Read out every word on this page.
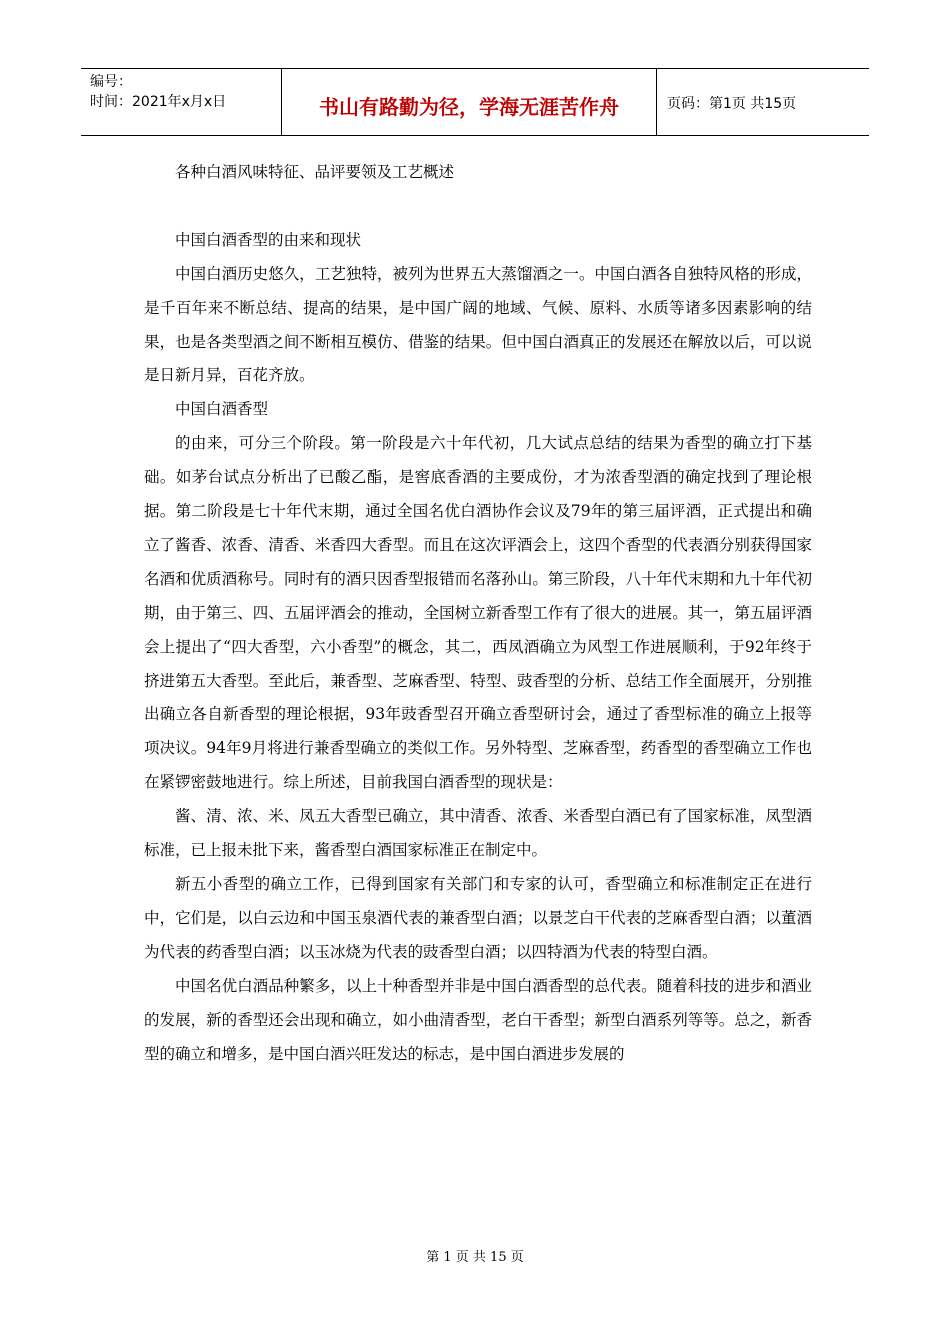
编号：
时间：2021年x月x日	书山有路勤为径，学海无涯苦作舟	页码：第1页 共15页

各种白酒风味特征、品评要领及工艺概述

中国白酒香型的由来和现状

中国白酒历史悠久，工艺独特，被列为世界五大蒸馏酒之一。中国白酒各自独特风格的形成，是千百年来不断总结、提高的结果，是中国广阔的地域、气候、原料、水质等诸多因素影响的结果，也是各类型酒之间不断相互模仿、借鉴的结果。但中国白酒真正的发展还在解放以后，可以说是日新月异，百花齐放。

中国白酒香型

的由来，可分三个阶段。第一阶段是六十年代初，几大试点总结的结果为香型的确立打下基础。如茅台试点分析出了已酸乙酯，是窖底香酒的主要成份，才为浓香型酒的确定找到了理论根据。第二阶段是七十年代末期，通过全国名优白酒协作会议及79年的第三届评酒，正式提出和确立了酱香、浓香、清香、米香四大香型。而且在这次评酒会上，这四个香型的代表酒分别获得国家名酒和优质酒称号。同时有的酒只因香型报错而名落孙山。第三阶段，八十年代末期和九十年代初期，由于第三、四、五届评酒会的推动，全国树立新香型工作有了很大的进展。其一，第五届评酒会上提出了“四大香型，六小香型”的概念，其二，西凤酒确立为风型工作进展顺利，于92年终于挤进第五大香型。至此后，兼香型、芝麻香型、特型、豉香型的分析、总结工作全面展开，分别推出确立各自新香型的理论根据，93年豉香型召开确立香型研讨会，通过了香型标准的确立上报等项决议。94年9月将进行兼香型确立的类似工作。另外特型、芝麻香型，药香型的香型确立工作也在紧锣密鼓地进行。综上所述，目前我国白酒香型的现状是：

酱、清、浓、米、凤五大香型已确立，其中清香、浓香、米香型白酒已有了国家标准，凤型酒标准，已上报未批下来，酱香型白酒国家标准正在制定中。

新五小香型的确立工作，已得到国家有关部门和专家的认可，香型确立和标准制定正在进行中，它们是，以白云边和中国玉泉酒代表的兼香型白酒；以景芝白干代表的芝麻香型白酒；以董酒为代表的药香型白酒；以玉冰烧为代表的豉香型白酒；以四特酒为代表的特型白酒。

中国名优白酒品种繁多，以上十种香型并非是中国白酒香型的总代表。随着科技的进步和酒业的发展，新的香型还会出现和确立，如小曲清香型，老白干香型；新型白酒系列等等。总之，新香型的确立和增多，是中国白酒兴旺发达的标志，是中国白酒进步发展的

第 1 页 共 15 页
